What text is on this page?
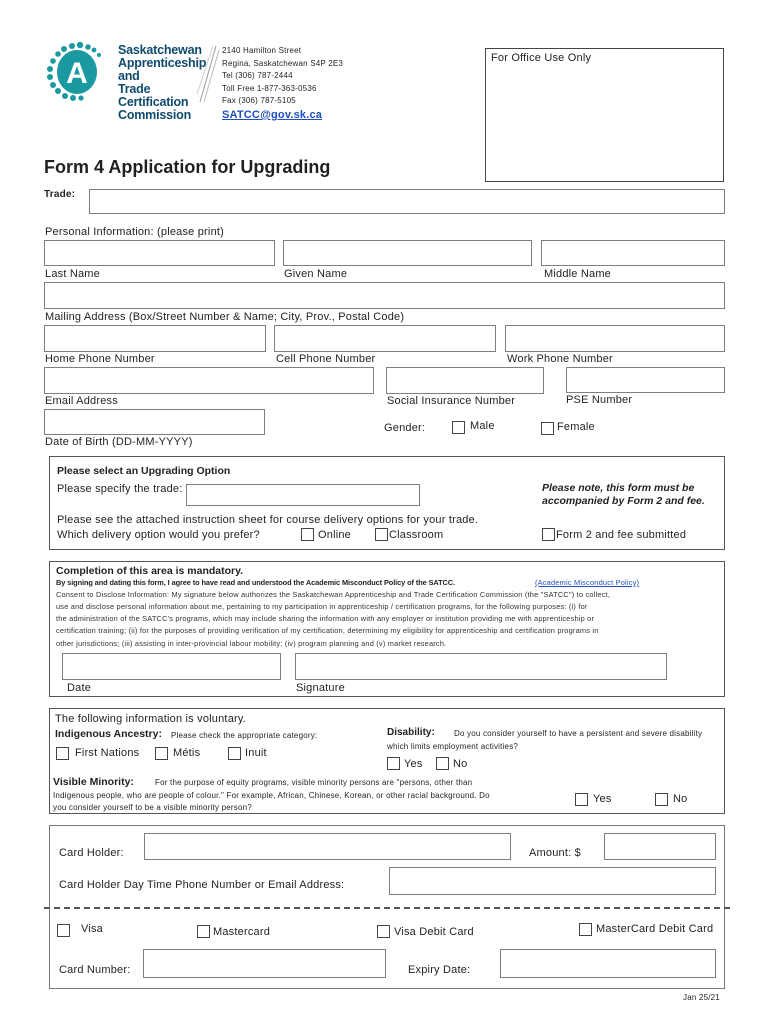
A
Saskatchewan
Apprenticeship and
Trade Certification
Commission
2140 Hamilton Street
Regina, Saskatchewan S4P 2E3
Tel (306) 787-2444
Toll Free 1-877-363-0536
Fax (306) 787-5105
SATCC@gov.sk.ca
For Office Use Only
Form 4 Application for Upgrading
Trade:
Personal Information: (please print)
Last Name	Given Name	Middle Name
Mailing Address (Box/Street Number & Name; City, Prov., Postal Code)
Home Phone Number	Cell Phone Number	Work Phone Number
Email Address	Social Insurance Number	PSE Number
Gender:	Male	Female
Date of Birth (DD-MM-YYYY)
Please select an Upgrading Option
Please specify the trade:	Please note, this form must be
accompanied by Form 2 and fee.
Please see the attached instruction sheet for course delivery options for your trade.
Which delivery option would you prefer?	Online	Classroom	Form 2 and fee submitted
Completion of this area is mandatory.
By signing and dating this form, I agree to have read and understood the Academic Misconduct Policy of the SATCC.	(Academic Misconduct Policy)
Consent to Disclose Information: My signature below authorizes the Saskatchewan Apprenticeship and Trade Certification Commission (the "SATCC") to collect,
use and disclose personal information about me, pertaining to my participation in apprenticeship / certification programs, for the following purposes: (i) for
the administration of the SATCC's programs, which may include sharing the information with any employer or institution providing me with apprenticeship or
certification training; (ii) for the purposes of providing verification of my certification, determining my eligibility for apprenticeship and certification programs in
other jurisdictions; (iii) assisting in inter-provincial labour mobility; (iv) program planning and (v) market research.
Date	Signature
The following information is voluntary.
Indigenous Ancestry: Please check the appropriate category:
First Nations	Métis	Inuit
Disability: Do you consider yourself to have a persistent and severe disability
which limits employment activities?
Yes	No
Visible Minority:	For the purpose of equity programs, visible minority persons are "persons, other than
Indigenous people, who are people of colour." For example, African, Chinese, Korean, or other racial background. Do
you consider yourself to be a visible minority person?
Yes	No
Card Holder:	Amount: $
Card Holder Day Time Phone Number or Email Address:
Visa	Mastercard	Visa Debit Card	MasterCard Debit Card
Card Number:	Expiry Date:
Jan 25/21
